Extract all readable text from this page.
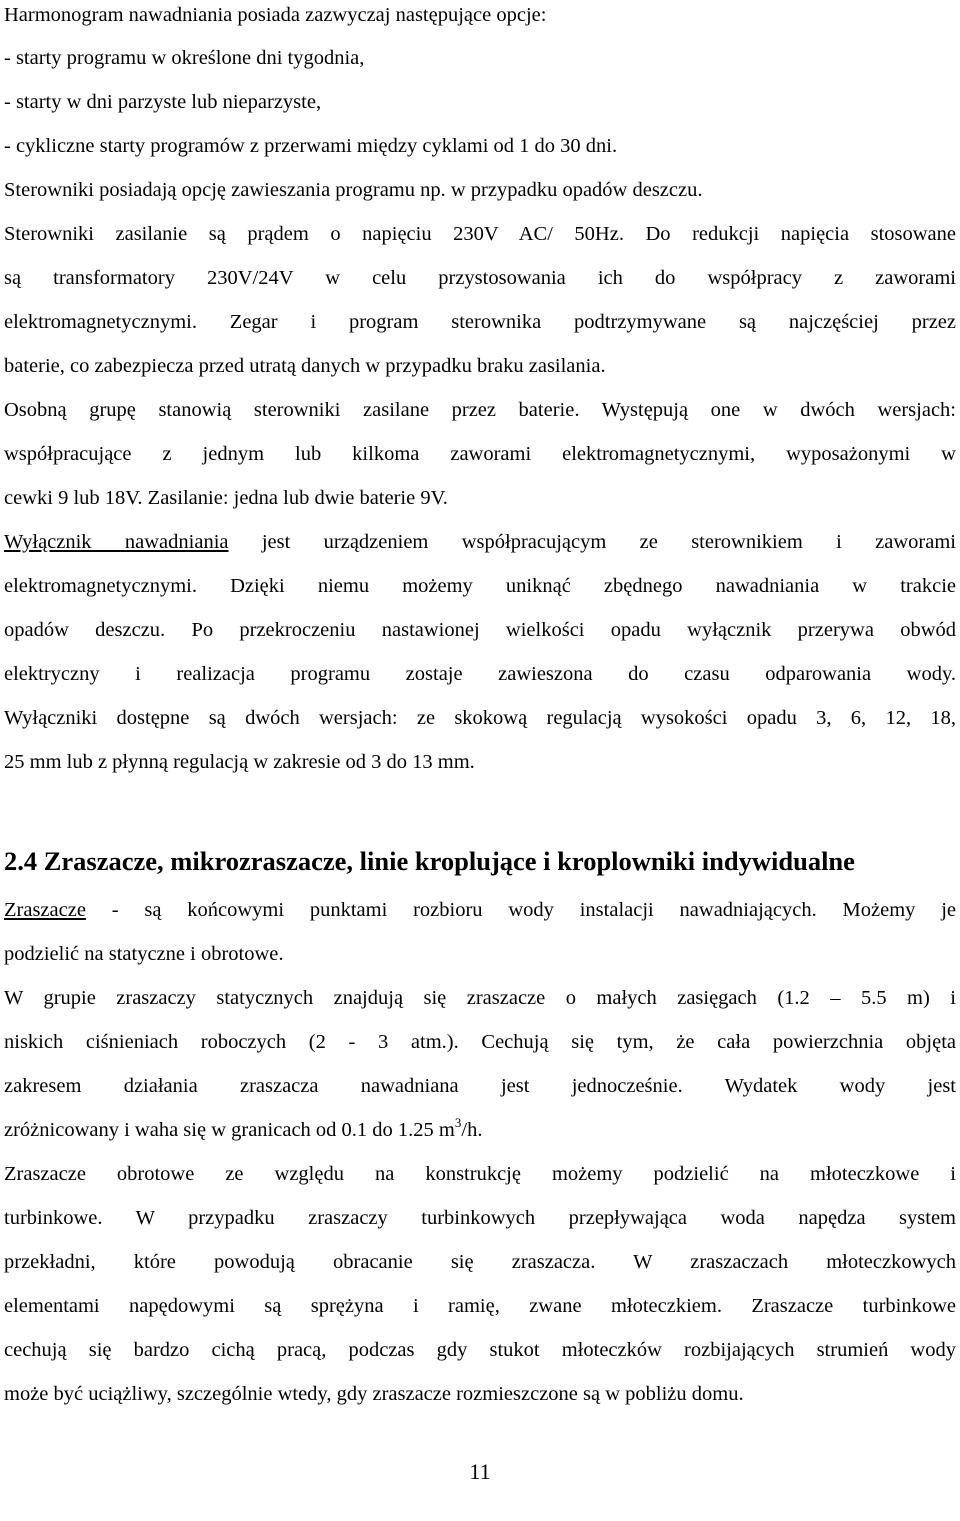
Harmonogram nawadniania posiada zazwyczaj następujące opcje:
- starty programu w określone dni tygodnia,
- starty w dni parzyste lub nieparzyste,
- cykliczne starty programów z przerwami między cyklami od 1 do 30 dni.
Sterowniki posiadają opcję zawieszania programu np. w przypadku opadów deszczu.
Sterowniki zasilanie są prądem o napięciu 230V AC/ 50Hz. Do redukcji napięcia stosowane
są transformatory 230V/24V w celu przystosowania ich do współpracy z zaworami
elektromagnetycznymi. Zegar i program sterownika podtrzymywane są najczęściej przez
baterie, co zabezpiecza przed utratą danych w przypadku braku zasilania.
Osobną grupę stanowią sterowniki zasilane przez baterie. Występują one w dwóch wersjach:
współpracujące z jednym lub kilkoma zaworami elektromagnetycznymi, wyposażonymi w
cewki 9 lub 18V. Zasilanie: jedna lub dwie baterie 9V.
Wyłącznik nawadniania jest urządzeniem współpracującym ze sterownikiem i zaworami
elektromagnetycznymi. Dzięki niemu możemy uniknąć zbędnego nawadniania w trakcie
opadów deszczu. Po przekroczeniu nastawionej wielkości opadu wyłącznik przerywa obwód
elektryczny i realizacja programu zostaje zawieszona do czasu odparowania wody.
Wyłączniki dostępne są dwóch wersjach: ze skokową regulacją wysokości opadu 3, 6, 12, 18,
25 mm lub z płynną regulacją w zakresie od 3 do 13 mm.
2.4 Zraszacze, mikrozraszacze, linie kroplujące i kroplowniki indywidualne
Zraszacze - są końcowymi punktami rozbioru wody instalacji nawadniających. Możemy je
podzielić na statyczne i obrotowe.
W grupie zraszaczy statycznych znajdują się zraszacze o małych zasięgach (1.2 – 5.5 m) i
niskich ciśnieniach roboczych (2 - 3 atm.). Cechują się tym, że cała powierzchnia objęta
zakresem działania zraszacza nawadniana jest jednocześnie. Wydatek wody jest
zróżnicowany i waha się w granicach od 0.1 do 1.25 $m^3/h$.
Zraszacze obrotowe ze względu na konstrukcję możemy podzielić na młoteczkowe i
turbinkowe. W przypadku zraszaczy turbinkowych przepływająca woda napędza system
przekładni, które powodują obracanie się zraszacza. W zraszaczach młoteczkowych
elementami napędowymi są sprężyna i ramię, zwane młoteczkiem. Zraszacze turbinkowe
cechują się bardzo cichą pracą, podczas gdy stukot młoteczków rozbijających strumień wody
może być uciążliwy, szczególnie wtedy, gdy zraszacze rozmieszczone są w pobliżu domu.
11
